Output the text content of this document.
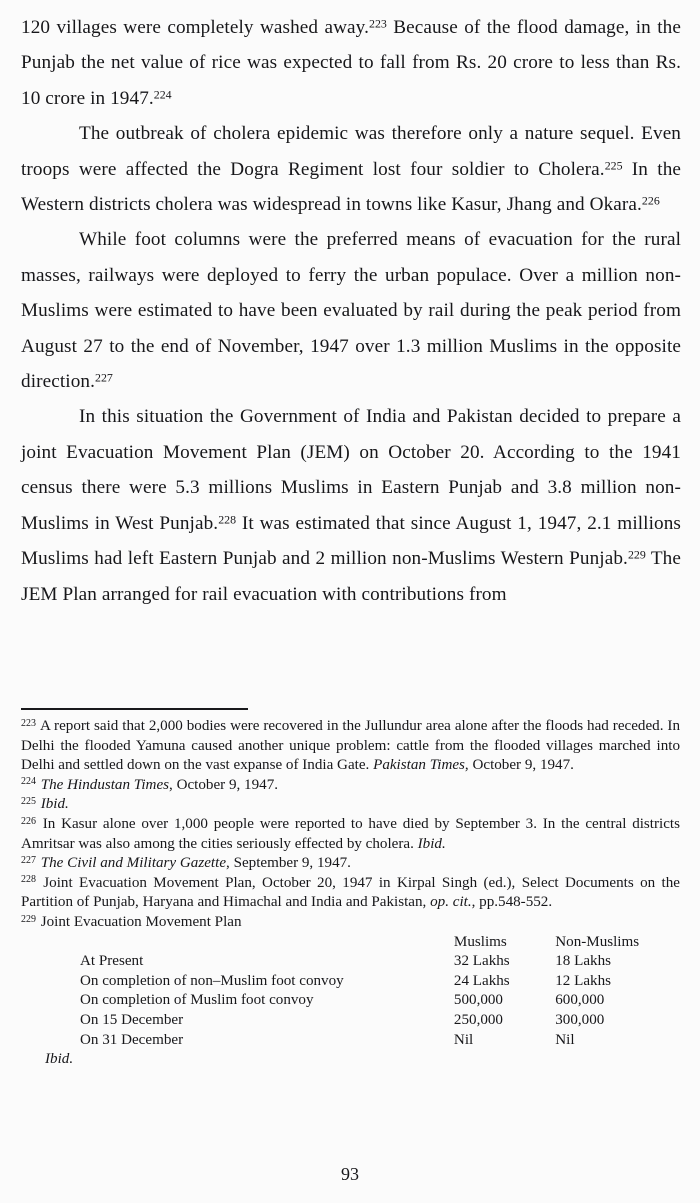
120 villages were completely washed away.$^{223}$ Because of the flood damage, in the Punjab the net value of rice was expected to fall from Rs. 20 crore to less than Rs. 10 crore in 1947.$^{224}$

The outbreak of cholera epidemic was therefore only a nature sequel. Even troops were affected the Dogra Regiment lost four soldier to Cholera.$^{225}$ In the Western districts cholera was widespread in towns like Kasur, Jhang and Okara.$^{226}$

While foot columns were the preferred means of evacuation for the rural masses, railways were deployed to ferry the urban populace. Over a million non- Muslims were estimated to have been evaluated by rail during the peak period from August 27 to the end of November, 1947 over 1.3 million Muslims in the opposite direction.$^{227}$

In this situation the Government of India and Pakistan decided to prepare a joint Evacuation Movement Plan (JEM) on October 20. According to the 1941 census there were 5.3 millions Muslims in Eastern Punjab and 3.8 million non-Muslims in West Punjab.$^{228}$ It was estimated that since August 1, 1947, 2.1 millions Muslims had left Eastern Punjab and 2 million non-Muslims Western Punjab.$^{229}$ The JEM Plan arranged for rail evacuation with contributions from

$^{223}$ A report said that 2,000 bodies were recovered in the Jullundur area alone after the floods had receded. In Delhi the flooded Yamuna caused another unique problem: cattle from the flooded villages marched into Delhi and settled down on the vast expanse of India Gate. Pakistan Times, October 9, 1947.

$^{224}$ The Hindustan Times, October 9, 1947.

$^{225}$ Ibid.

$^{226}$ In Kasur alone over 1,000 people were reported to have died by September 3. In the central districts Amritsar was also among the cities seriously effected by cholera. Ibid.

$^{227}$ The Civil and Military Gazette, September 9, 1947.

$^{228}$ Joint Evacuation Movement Plan, October 20, 1947 in Kirpal Singh (ed.), Select Documents on the Partition of Punjab, Haryana and Himachal and India and Pakistan, op. cit., pp.548-552.

$^{229}$ Joint Evacuation Movement Plan

	Muslims	Non-Muslims
At Present	32 Lakhs	18 Lakhs
On completion of non–Muslim foot convoy	24 Lakhs	12 Lakhs
On completion of Muslim foot convoy	500,000	600,000
On 15 December	250,000	300,000
On 31 December	Nil	Nil

Ibid.

93
